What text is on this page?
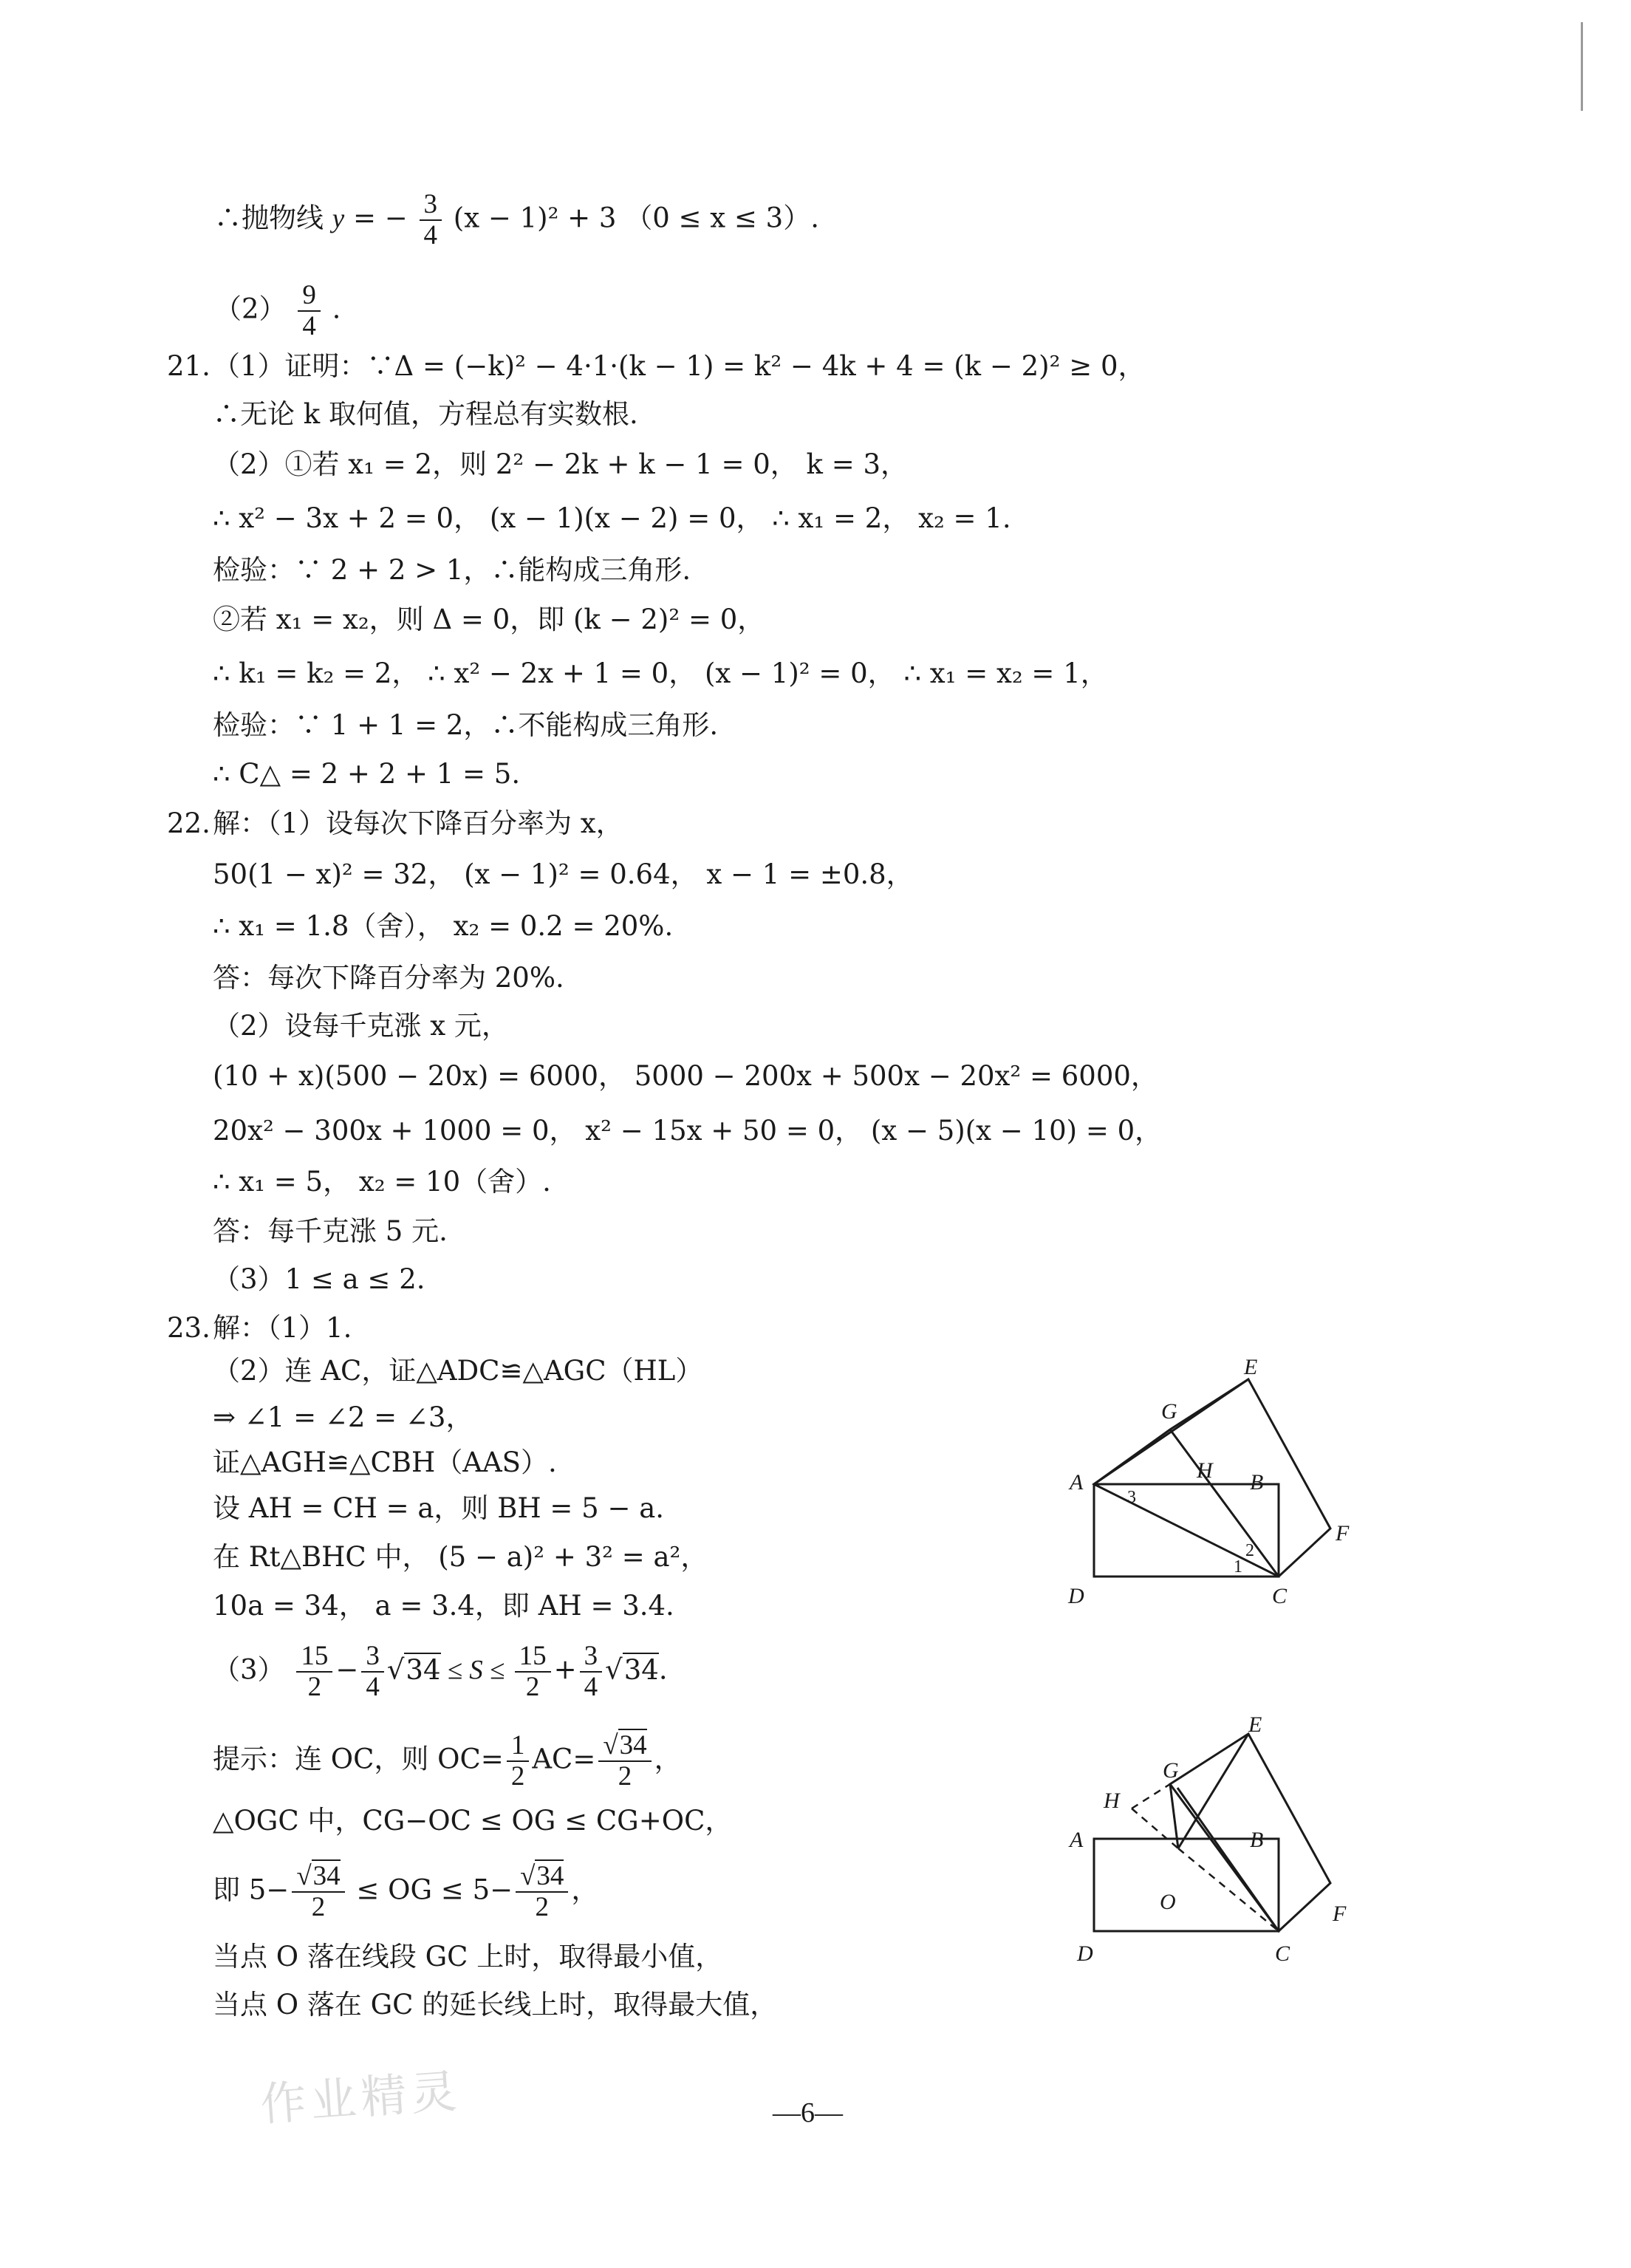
∴抛物线 y = − $\frac{3}{4} (x - 1)^2 + 3$ （0 ≤ x ≤ 3）.
$(2) \frac{9}{4}$ .
21. （1）证明：∵Δ = (−k)² − 4·1·(k − 1) = k² − 4k + 4 = (k − 2)² ≥ 0，
∴无论 k 取何值，方程总有实数根.
（2）①若 x₁ = 2，则 2² − 2k + k − 1 = 0， k = 3，
∴ x² − 3x + 2 = 0， (x − 1)(x − 2) = 0， ∴ x₁ = 2， x₂ = 1.
检验：∵ 2 + 2 > 1，∴能构成三角形.
②若 x₁ = x₂，则 Δ = 0，即 (k − 2)² = 0，
∴ k₁ = k₂ = 2， ∴ x² − 2x + 1 = 0， (x − 1)² = 0， ∴ x₁ = x₂ = 1，
检验：∵ 1 + 1 = 2，∴不能构成三角形.
∴ C△ = 2 + 2 + 1 = 5.
22. 解：（1）设每次下降百分率为 x，
50(1 − x)² = 32， (x − 1)² = 0.64， x − 1 = ±0.8，
∴ x₁ = 1.8（舍）， x₂ = 0.2 = 20%.
答：每次下降百分率为 20%.
（2）设每千克涨 x 元，
(10 + x)(500 − 20x) = 6000， 5000 − 200x + 500x − 20x² = 6000，
20x² − 300x + 1000 = 0， x² − 15x + 50 = 0， (x − 5)(x − 10) = 0，
∴ x₁ = 5， x₂ = 10（舍）.
答：每千克涨 5 元.
（3）1 ≤ a ≤ 2.
23. 解：（1）1.
（2）连 AC，证△ADC≌△AGC（HL）
⇒ ∠1 = ∠2 = ∠3，
证△AGH≌△CBH（AAS）.
设 AH = CH = a，则 BH = 5 − a.
在 Rt△BHC 中， (5 − a)² + 3² = a²，
10a = 34， a = 3.4，即 AH = 3.4.
$(3) \frac{15}{2} - \frac{3}{4} √34 \le S \le \frac{15}{2} + \frac{3}{4} √34$.
提示：连 OC，则 $OC= \frac{1}{2} AC= \frac{√34}{2}$ ，
△OGC 中，CG−OC ≤ OG ≤ CG+OC，
即 $5- \frac{√34}{2}$ ≤ OG ≤ $5- \frac{√34}{2}$ ，
当点 O 落在线段 GC 上时，取得最小值，
当点 O 落在 GC 的延长线上时，取得最大值，
E
G
H
A	B
F
D	C
3
2
1
E
G
H
A	B
O	F
D	C
—6—
作业精灵
